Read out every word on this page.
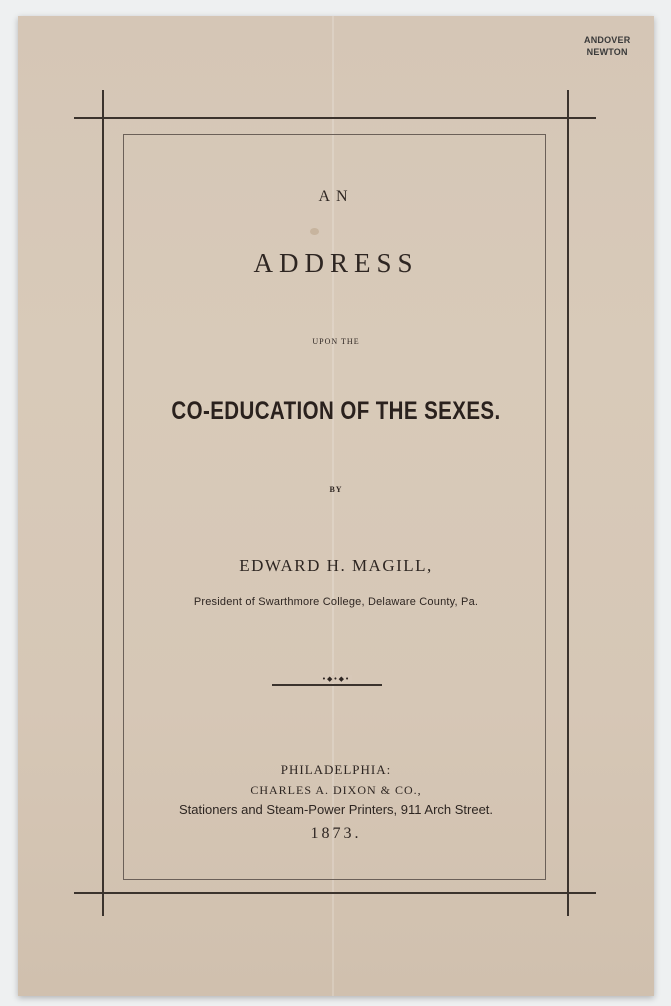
ANDOVER
NEWTON
AN
ADDRESS
UPON THE
CO-EDUCATION OF THE SEXES.
BY
EDWARD H. MAGILL,
President of Swarthmore College, Delaware County, Pa.
•◆•◆•
PHILADELPHIA:
CHARLES A. DIXON & CO.,
Stationers and Steam-Power Printers, 911 Arch Street.
1873.
